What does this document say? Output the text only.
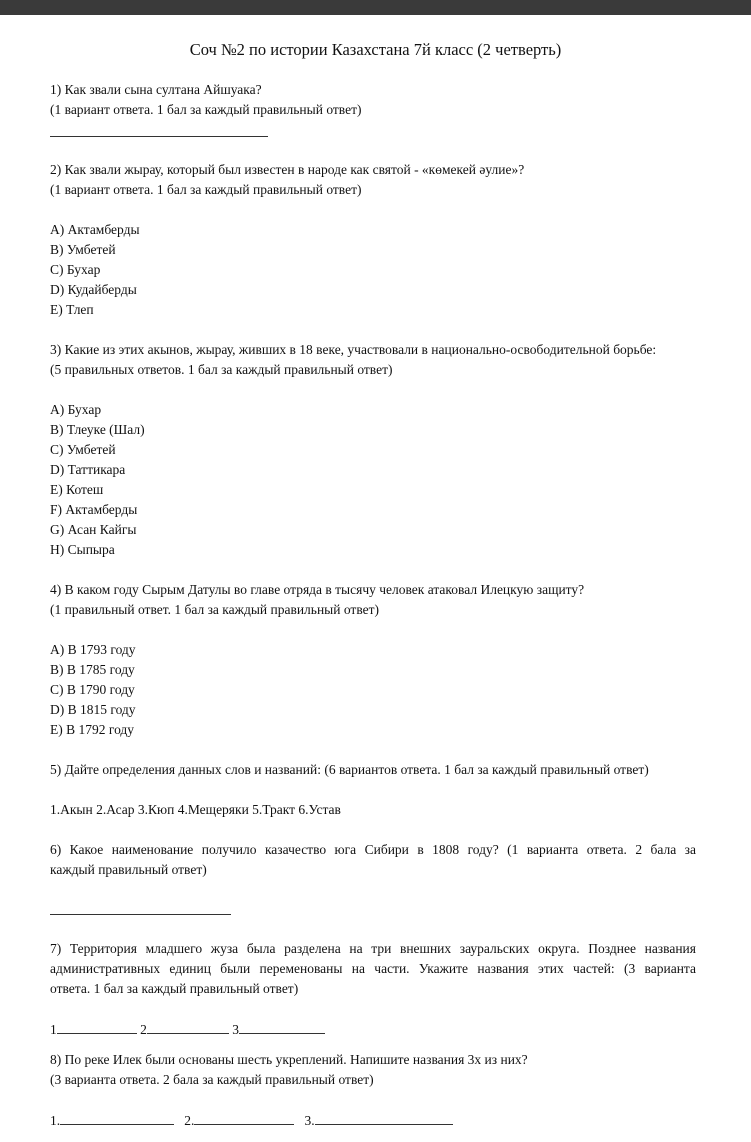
Соч №2 по истории Казахстана 7й класс (2 четверть)
1) Как звали сына султана Айшуака?
(1 вариант ответа. 1 бал за каждый правильный ответ)
2) Как звали жырау, который был известен в народе как святой - «көмекей әулие»?
(1 вариант ответа. 1 бал за каждый правильный ответ)
A) Актамберды
B) Умбетей
C) Бухар
D) Кудайберды
E) Тлеп
3) Какие из этих акынов, жырау, живших в 18 веке, участвовали в национально-освободительной борьбе:
(5 правильных ответов. 1 бал за каждый правильный ответ)
A) Бухар
B) Тлеуке (Шал)
C) Умбетей
D) Таттикара
E) Котеш
F) Актамберды
G) Асан Кайгы
H) Сыпыра
4) В каком году Сырым Датулы во главе отряда в тысячу человек атаковал Илецкую защиту?
(1 правильный ответ. 1 бал за каждый правильный ответ)
A) В 1793 году
B) В 1785 году
C) В 1790 году
D) В 1815 году
E) В 1792 году
5) Дайте определения данных слов и названий: (6 вариантов ответа. 1 бал за каждый правильный ответ)
1.Акын 2.Асар 3.Кюп 4.Мещеряки 5.Тракт 6.Устав
6) Какое наименование получило казачество юга Сибири в 1808 году? (1 варианта ответа. 2 бала за
каждый правильный ответ)
7) Территория младшего жуза была разделена на три внешних зауральских округа. Позднее названия
административных единиц были переменованы на части. Укажите названия этих частей: (3 варианта
ответа. 1 бал за каждый правильный ответ)
1	2	3
8) По реке Илек были основаны шесть укреплений. Напишите названия 3х из них?
(3 варианта ответа. 2 бала за каждый правильный ответ)
1.	2.	3.
